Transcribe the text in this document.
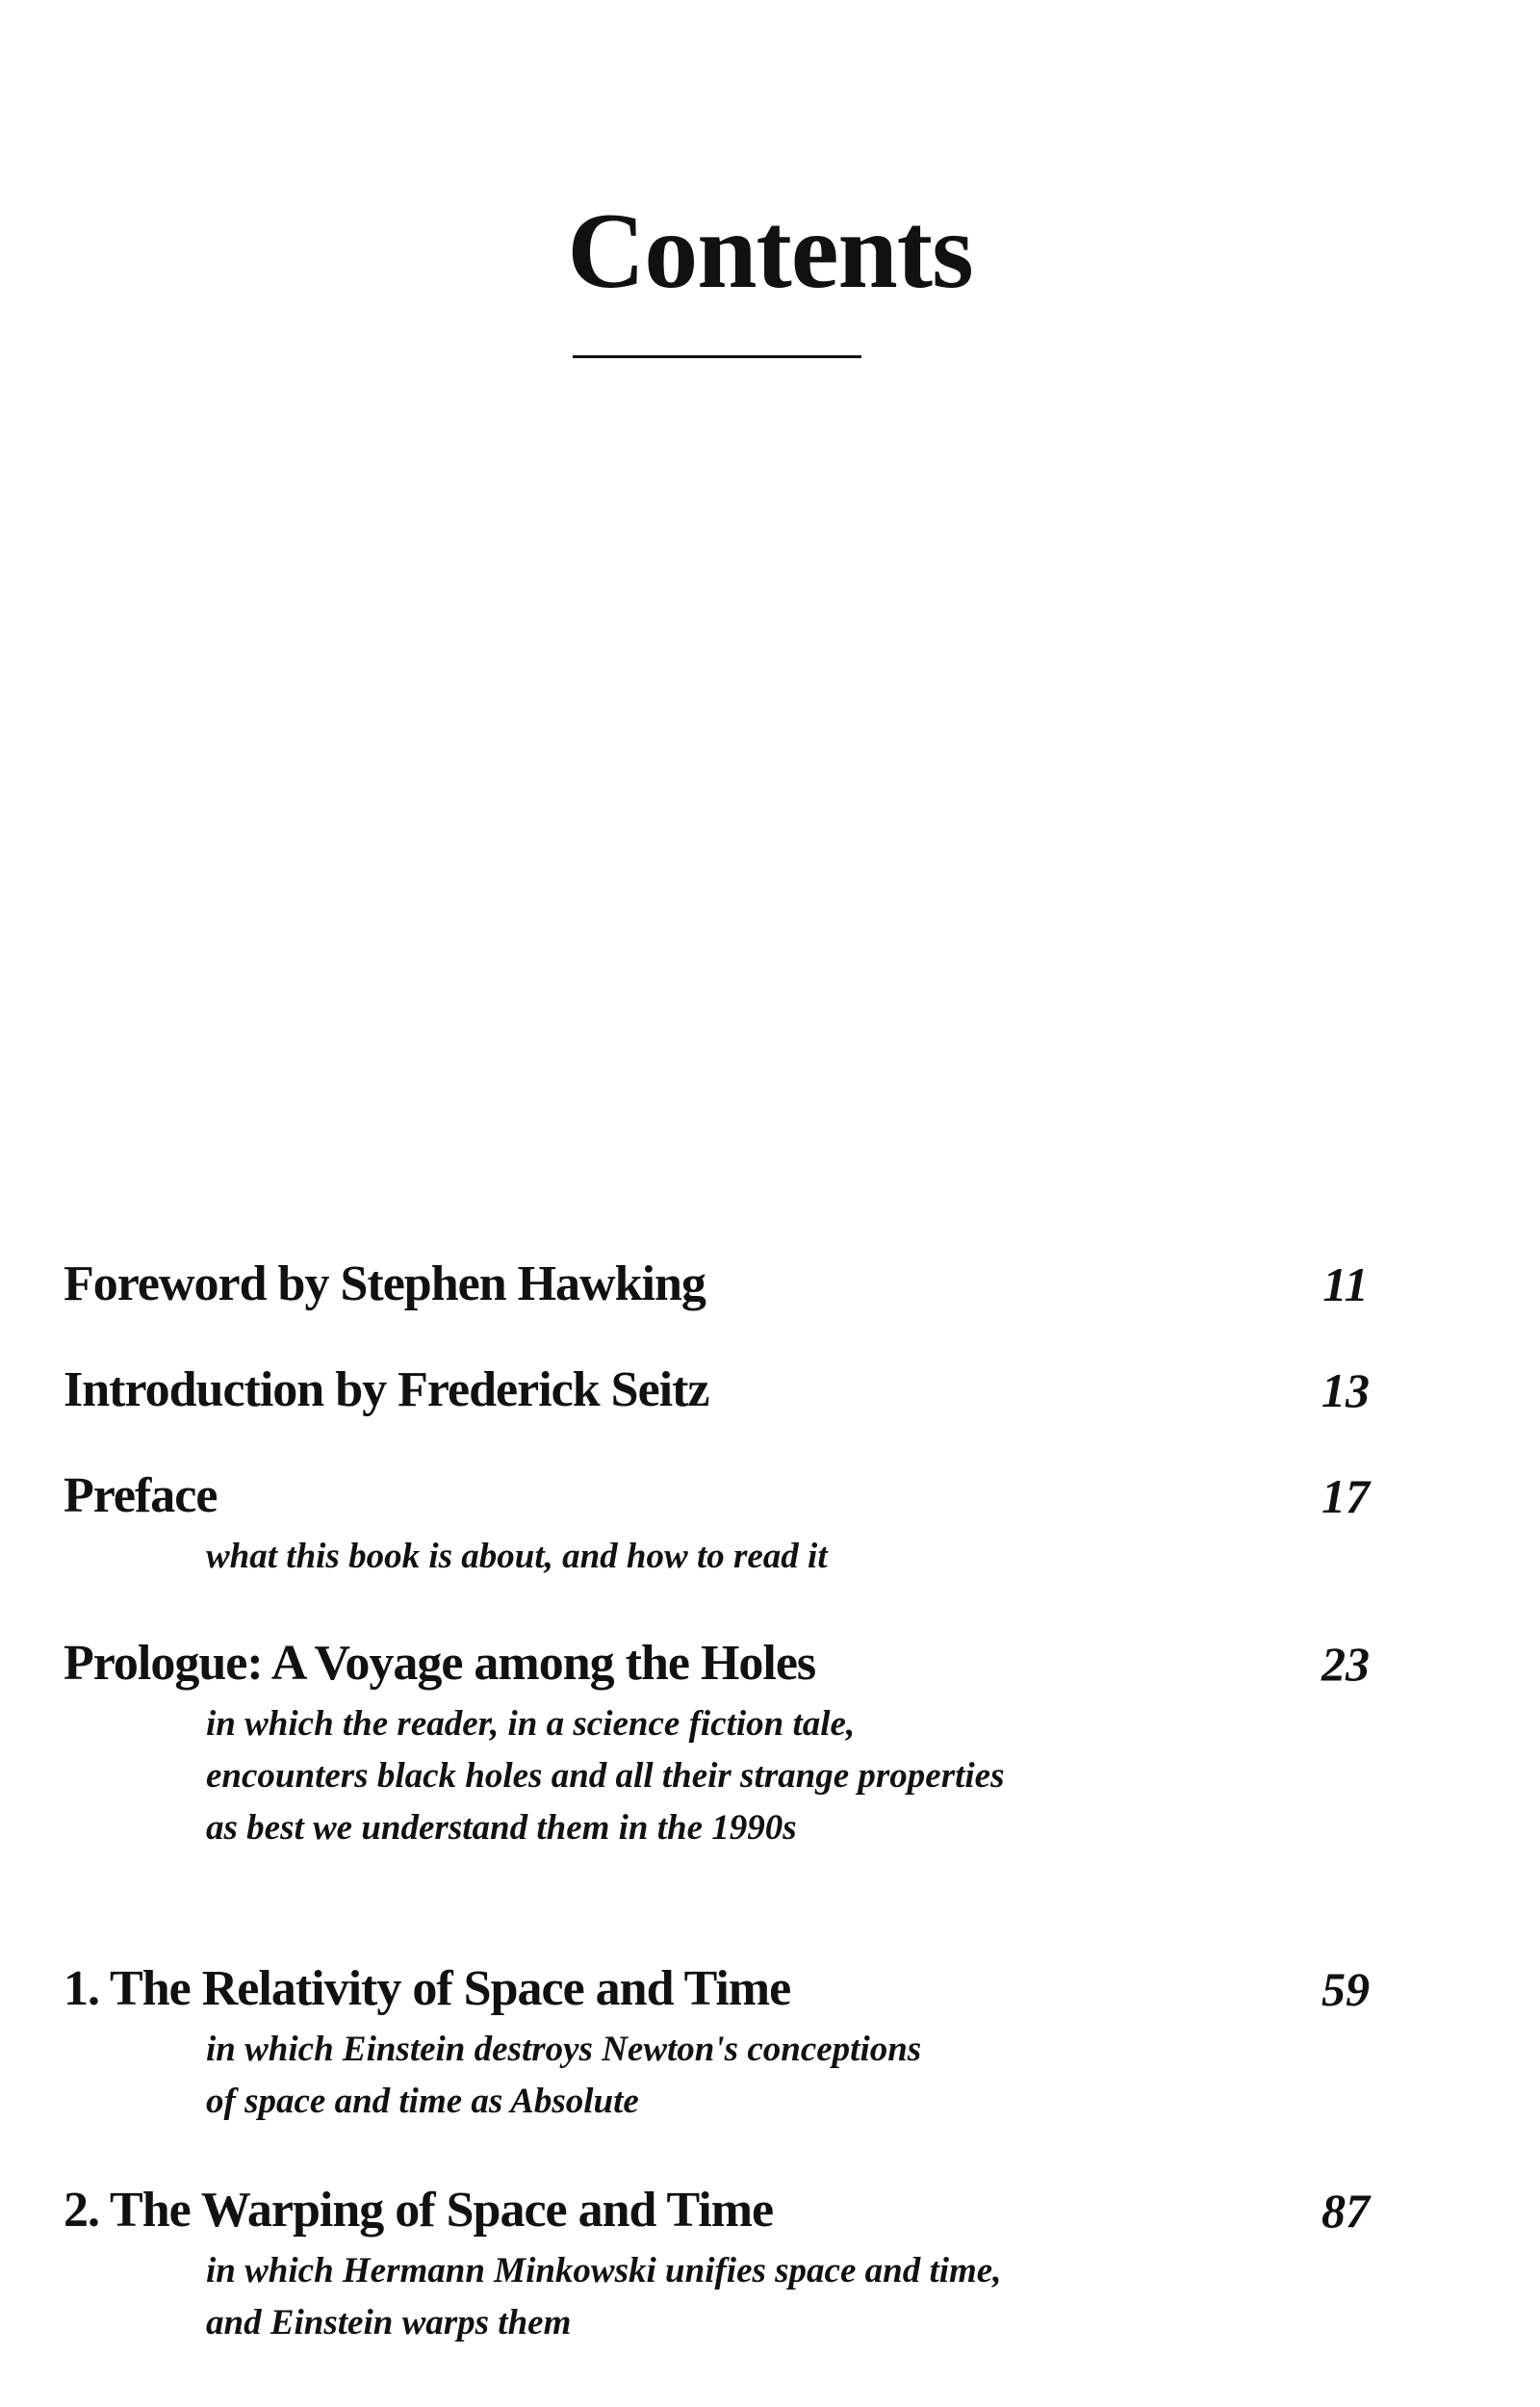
Contents
Foreword by Stephen Hawking	11
Introduction by Frederick Seitz	13
Preface	17
what this book is about, and how to read it
Prologue: A Voyage among the Holes	23
in which the reader, in a science fiction tale,
encounters black holes and all their strange properties
as best we understand them in the 1990s
1. The Relativity of Space and Time	59
in which Einstein destroys Newton's conceptions
of space and time as Absolute
2. The Warping of Space and Time	87
in which Hermann Minkowski unifies space and time,
and Einstein warps them
